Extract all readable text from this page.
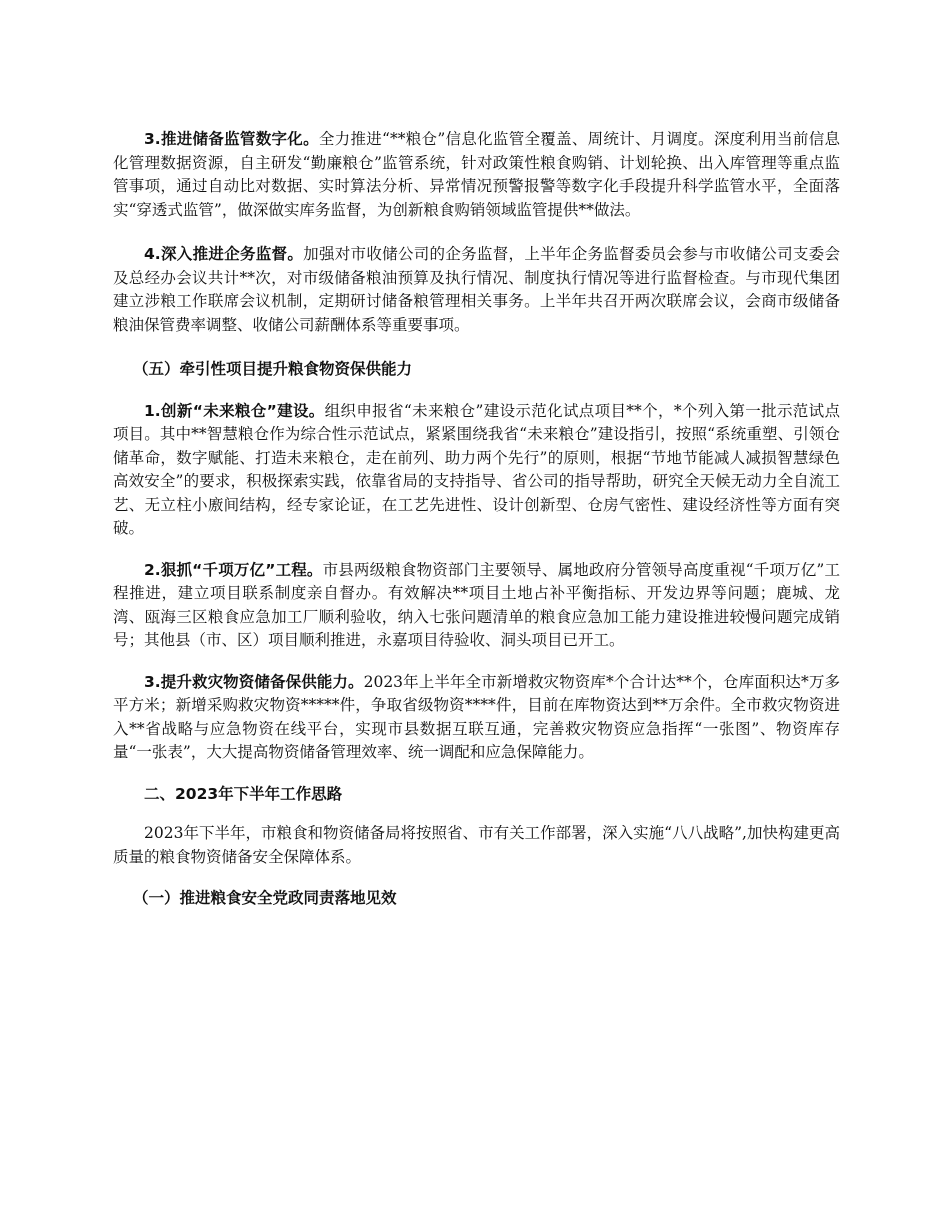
3.推进储备监管数字化。全力推进“**粮仓”信息化监管全覆盖、周统计、月调度。深度利用当前信息化管理数据资源，自主研发“勤廉粮仓”监管系统，针对政策性粮食购销、计划轮换、出入库管理等重点监管事项，通过自动比对数据、实时算法分析、异常情况预警报警等数字化手段提升科学监管水平，全面落实“穿透式监管”，做深做实库务监督，为创新粮食购销领域监管提供**做法。

4.深入推进企务监督。加强对市收储公司的企务监督，上半年企务监督委员会参与市收储公司支委会及总经办会议共计**次，对市级储备粮油预算及执行情况、制度执行情况等进行监督检查。与市现代集团建立涉粮工作联席会议机制，定期研讨储备粮管理相关事务。上半年共召开两次联席会议，会商市级储备粮油保管费率调整、收储公司薪酬体系等重要事项。

（五）牵引性项目提升粮食物资保供能力

1.创新“未来粮仓”建设。组织申报省“未来粮仓”建设示范化试点项目**个，*个列入第一批示范试点项目。其中**智慧粮仓作为综合性示范试点，紧紧围绕我省“未来粮仓”建设指引，按照“系统重塑、引领仓储革命，数字赋能、打造未来粮仓，走在前列、助力两个先行”的原则，根据“节地节能减人减损智慧绿色高效安全”的要求，积极探索实践，依靠省局的支持指导、省公司的指导帮助，研究全天候无动力全自流工艺、无立柱小廒间结构，经专家论证，在工艺先进性、设计创新型、仓房气密性、建设经济性等方面有突破。

2.狠抓“千项万亿”工程。市县两级粮食物资部门主要领导、属地政府分管领导高度重视“千项万亿”工程推进，建立项目联系制度亲自督办。有效解决**项目土地占补平衡指标、开发边界等问题；鹿城、龙湾、瓯海三区粮食应急加工厂顺利验收，纳入七张问题清单的粮食应急加工能力建设推进较慢问题完成销号；其他县（市、区）项目顺利推进，永嘉项目待验收、洞头项目已开工。

3.提升救灾物资储备保供能力。2023年上半年全市新增救灾物资库*个合计达**个，仓库面积达*万多平方米；新增采购救灾物资*****件，争取省级物资****件，目前在库物资达到**万余件。全市救灾物资进入**省战略与应急物资在线平台，实现市县数据互联互通，完善救灾物资应急指挥“一张图”、物资库存量“一张表”，大大提高物资储备管理效率、统一调配和应急保障能力。

二、2023年下半年工作思路

2023年下半年，市粮食和物资储备局将按照省、市有关工作部署，深入实施“八八战略”,加快构建更高质量的粮食物资储备安全保障体系。

（一）推进粮食安全党政同责落地见效
